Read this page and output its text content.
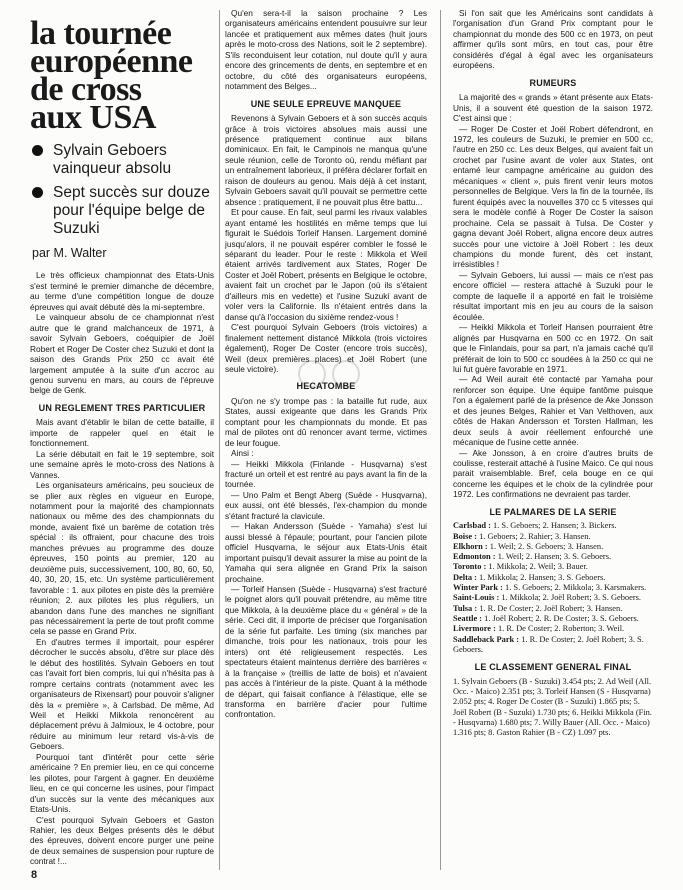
la tournée
européenne
de cross
aux USA
Sylvain Geboers vainqueur absolu
Sept succès sur douze pour l'équipe belge de Suzuki
par M. Walter

Le très officieux championnat des Etats-Unis s'est terminé le premier dimanche de décembre, au terme d'une compétition longue de douze épreuves qui avait débuté dès la mi-septembre.

Le vainqueur absolu de ce championnat n'est autre que le grand malchanceux de 1971, à savoir Sylvain Geboers, coéquipier de Joël Robert et Roger De Coster chez Suzuki et dont la saison des Grands Prix 250 cc avait été largement amputée à la suite d'un accroc au genou survenu en mars, au cours de l'épreuve belge de Genk.

UN REGLEMENT TRES PARTICULIER

Mais avant d'établir le bilan de cette bataille, il importe de rappeler quel en était le fonctionnement.

La série débutait en fait le 19 septembre, soit une semaine après le moto-cross des Nations à Vannes.

Les organisateurs américains, peu soucieux de se plier aux règles en vigueur en Europe, notamment pour la majorité des championnats nationaux ou même des des championnats du monde, avaient fixé un barème de cotation très spécial : ils offraient, pour chacune des trois manches prévues au programme des douze épreuves, 150 points au premier, 120 au deuxième puis, successivement, 100, 80, 60, 50, 40, 30, 20, 15, etc. Un système particulièrement favorable : 1. aux pilotes en piste dès la première réunion; 2. aux pilotes les plus réguliers, un abandon dans l'une des manches ne signifiant pas nécessairement la perte de tout profit comme cela se passe en Grand Prix.

En d'autres termes il importait, pour espérer décrocher le succès absolu, d'être sur place dès le début des hostilités. Sylvain Geboers en tout cas l'avait fort bien compris, lui qui n'hésita pas à rompre certains contrats (notamment avec les organisateurs de Rixensart) pour pouvoir s'aligner dès la « première », à Carlsbad. De même, Ad Weil et Heikki Mikkola renoncèrent au déplacement prévu à Jalmioux, le 4 octobre, pour réduire au minimum leur retard vis-à-vis de Geboers.

Pourquoi tant d'intérêt pour cette série américaine ? En premier lieu, en ce qui concerne les pilotes, pour l'argent à gagner. En deuxième lieu, en ce qui concerne les usines, pour l'impact d'un succès sur la vente des mécaniques aux Etats-Unis.

C'est pourquoi Sylvain Geboers et Gaston Rahier, les deux Belges présents dès le début des épreuves, doivent encore purger une peine de deux semaines de suspension pour rupture de contrat !...

Qu'en sera-t-il la saison prochaine ? Les organisateurs américains entendent pousuivre sur leur lancée et pratiquement aux mêmes dates (huit jours après le moto-cross des Nations, soit le 2 septembre). S'ils reconduisent leur cotation, nul doute qu'il y aura encore des grincements de dents, en septembre et en octobre, du côté des organisateurs européens, notamment des Belges...

UNE SEULE EPREUVE MANQUEE

Revenons à Sylvain Geboers et à son succès acquis grâce à trois victoires absolues mais aussi une présence pratiquement continue aux bilans dominicaux. En fait, le Campinois ne manqua qu'une seule réunion, celle de Toronto où, rendu méfiant par un entraînement laborieux, il préféra déclarer forfait en raison de douleurs au genou. Mais déjà à cet instant, Sylvain Geboers savait qu'il pouvait se permettre cette absence : pratiquement, il ne pouvait plus être battu...

Et pour cause. En fait, seul parmi les rivaux valables ayant entamé les hostilités en même temps que lui figurait le Suédois Torleif Hansen. Largement dominé jusqu'alors, il ne pouvait espérer combler le fossé le séparant du leader. Pour le reste : Mikkola et Weil étaient arrivés tardivement aux States, Roger De Coster et Joël Robert, présents en Belgique le octobre, avaient fait un crochet par le Japon (où ils s'étaient d'ailleurs mis en vedette) et l'usine Suzuki avant de voler vers la Californie. Ils n'étaient entrés dans la danse qu'à l'occasion du sixième rendez-vous !

C'est pourquoi Sylvain Geboers (trois victoires) a finalement nettement distancé Mikkola (trois victoires également), Roger De Coster (encore trois succès), Weil (deux premières places) et Joël Robert (une seule victoire).

HECATOMBE

Qu'on ne s'y trompe pas : la bataille fut rude, aux States, aussi exigeante que dans les Grands Prix comptant pour les championnats du monde. Et pas mal de pilotes ont dû renoncer avant terme, victimes de leur fougue.

Ainsi :

— Heikki Mikkola (Finlande - Husqvarna) s'est fracturé un orteil et est rentré au pays avant la fin de la tournée.

— Uno Palm et Bengt Aberg (Suède - Husqvarna), eux aussi, ont été blessés, l'ex-champion du monde s'étant fracturé la clavicule.

— Hakan Andersson (Suède - Yamaha) s'est lui aussi blessé à l'épaule; pourtant, pour l'ancien pilote officiel Husqvarna, le séjour aux Etats-Unis était important puisqu'il devait assurer la mise au point de la Yamaha qui sera alignée en Grand Prix la saison prochaine.

— Torleif Hansen (Suède - Husqvarna) s'est fracturé le poignet alors qu'il pouvait prétendre, au même titre que Mikkola, à la deuxième place du « général » de la série. Ceci dit, il importe de préciser que l'organisation de la série fut parfaite. Les timing (six manches par dimanche, trois pour les nationaux, trois pour les inters) ont été religieusement respectés. Les spectateurs étaient maintenus derrière des barrières « à la française » (treillis de latte de bois) et n'avaient pas accès à l'intérieur de la piste. Quant à la méthode de départ, qui faisait confiance à l'élastique, elle se transforma en barrière d'acier pour l'ultime confrontation.

Si l'on sait que les Américains sont candidats à l'organisation d'un Grand Prix comptant pour le championnat du monde des 500 cc en 1973, on peut affirmer qu'ils sont mûrs, en tout cas, pour être considérés d'égal à égal avec les organisateurs européens.

RUMEURS

La majorité des « grands » étant présente aux Etats-Unis, il a souvent été question de la saison 1972. C'est ainsi que :

— Roger De Coster et Joël Robert défendront, en 1972, les couleurs de Suzuki, le premier en 500 cc, l'autre en 250 cc. Les deux Belges, qui avaient fait un crochet par l'usine avant de voler aux States, ont entamé leur campagne américaine au guidon des mécaniques « client », puis firent venir leurs motos personnelles de Belgique. Vers la fin de la tournée, ils furent équipés avec la nouvelles 370 cc 5 vitesses qui sera le modèle confié à Roger De Coster la saison prochaine. Cela se passait à Tulsa. De Coster y gagna devant Joël Robert, aligna encore deux autres succès pour une victoire à Joël Robert : les deux champions du monde furent, dès cet instant, irrésistibles !

— Sylvain Geboers, lui aussi — mais ce n'est pas encore officiel — restera attaché à Suzuki pour le compte de laquelle il a apporté en fait le troisième résultat important mis en jeu au cours de la saison écoulée.

— Heikki Mikkola et Torleif Hansen pourraient être alignés par Husqvarna en 500 cc en 1972. On sait que le Finlandais, pour sa part, n'a jamais caché qu'il préférait de loin to 500 cc soudées à la 250 cc qui ne lui fut guère favorable en 1971.

— Ad Weil aurait été contacté par Yamaha pour renforcer son équipe. Une équipe fantôme puisque l'on a également parlé de la présence de Ake Jonsson et des jeunes Belges, Rahier et Van Velthoven, aux côtés de Hakan Andersson et Torsten Hallman, les deux seuls à avoir réellement enfourché une mécanique de l'usine cette année.

— Ake Jonsson, à en croire d'autres bruits de coulisse, resterait attaché à l'usine Maico. Ce qui nous parait vraisemblable. Bref, cela bouge en ce qui concerne les équipes et le choix de la cylindrée pour 1972. Les confirmations ne devraient pas tarder.

LE PALMARES DE LA SERIE

Carlsbad : 1. S. Geboers; 2. Hansen; 3. Bickers.

Boise : 1. Geboers; 2. Rahier; 3. Hansen.

Elkhorn : 1. Weil; 2. S. Geboers; 3. Hansen.

Edmonton : 1. Weil; 2. Hansen; 3. S. Geboers.

Toronto : 1. Mikkola; 2. Weil; 3. Bauer.

Delta : 1. Mikkola; 2. Hansen; 3. S. Geboers.

Winter Park : 1. S. Geboers; 2. Mikkola; 3. Karsmakers.

Saint-Louis : 1. Mikkola; 2. Joël Robert; 3. S. Geboers.

Tulsa : 1. R. De Coster; 2. Joël Robert; 3. Hansen.

Seattle : 1. Joël Robert; 2. R. De Coster; 3. S. Geboers.

Livermore : 1. R. De Coster; 2. Roberton; 3. Weil.

Saddleback Park : 1. R. De Coster; 2. Joël Robert; 3. S. Geboers.

LE CLASSEMENT GENERAL FINAL

1. Sylvain Geboers (B - Suzuki) 3.454 pts; 2. Ad Weil (All. Occ. - Maico) 2.351 pts; 3. Torleif Hansen (S - Husqvarna) 2.052 pts; 4. Roger De Coster (B - Suzuki) 1.865 pts; 5. Joël Robert (B - Suzuki) 1.730 pts; 6. Heikki Mikkola (Fin. - Husqvarna) 1.680 pts; 7. Willy Bauer (All. Occ. - Maico) 1.316 pts; 8. Gaston Rahier (B - CZ) 1.097 pts.

8
